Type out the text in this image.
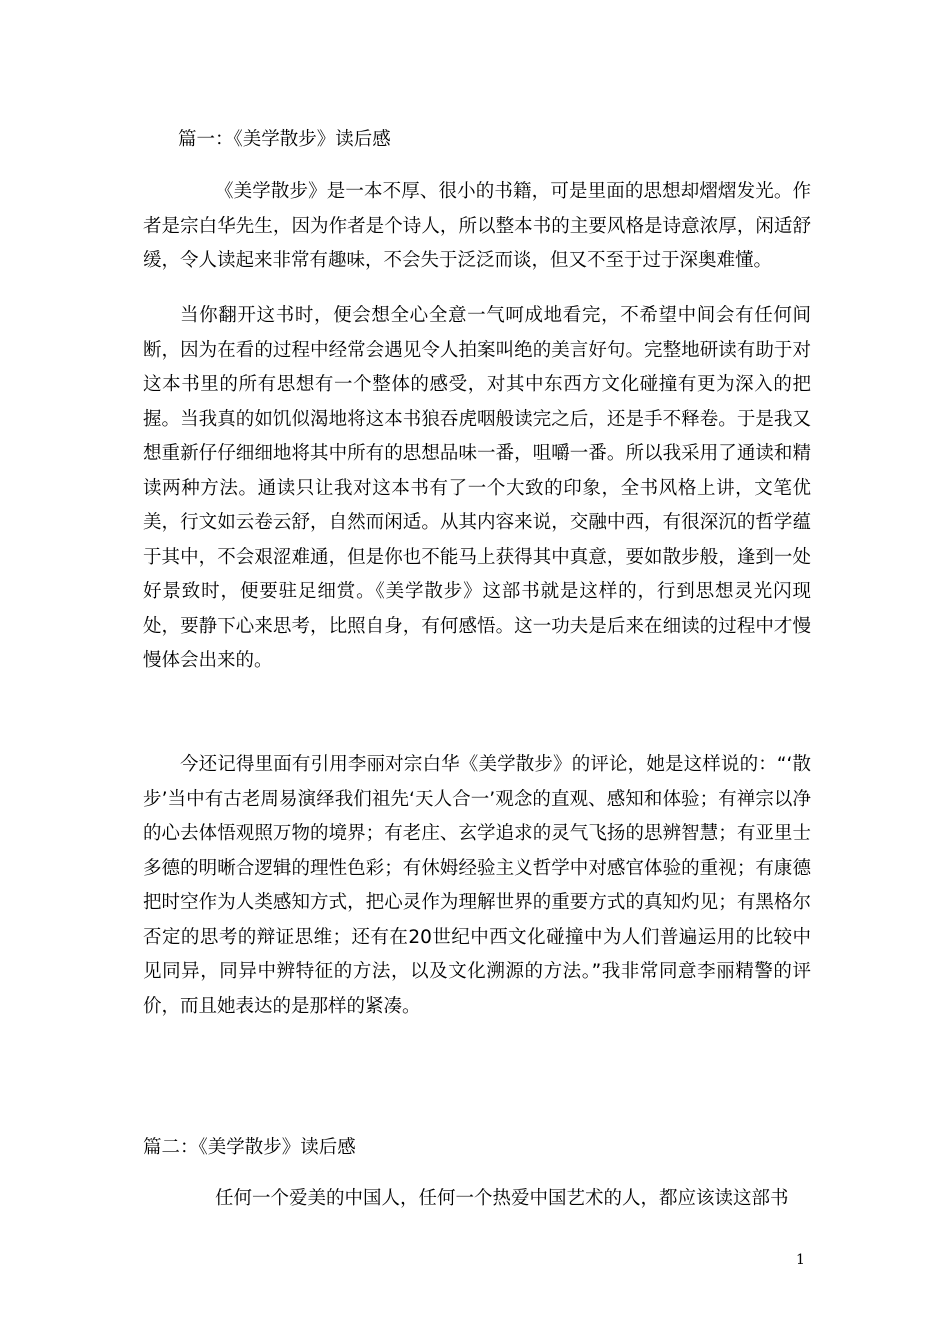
篇一：《美学散步》读后感

《美学散步》是一本不厚、很小的书籍，可是里面的思想却熠熠发光。作者是宗白华先生，因为作者是个诗人，所以整本书的主要风格是诗意浓厚，闲适舒缓，令人读起来非常有趣味，不会失于泛泛而谈，但又不至于过于深奥难懂。

当你翻开这书时，便会想全心全意一气呵成地看完，不希望中间会有任何间断，因为在看的过程中经常会遇见令人拍案叫绝的美言好句。完整地研读有助于对这本书里的所有思想有一个整体的感受，对其中东西方文化碰撞有更为深入的把握。当我真的如饥似渴地将这本书狼吞虎咽般读完之后，还是手不释卷。于是我又想重新仔仔细细地将其中所有的思想品味一番，咀嚼一番。所以我采用了通读和精读两种方法。通读只让我对这本书有了一个大致的印象，全书风格上讲，文笔优美，行文如云卷云舒，自然而闲适。从其内容来说，交融中西，有很深沉的哲学蕴于其中，不会艰涩难通，但是你也不能马上获得其中真意，要如散步般，逢到一处好景致时，便要驻足细赏。《美学散步》这部书就是这样的，行到思想灵光闪现处，要静下心来思考，比照自身，有何感悟。这一功夫是后来在细读的过程中才慢慢体会出来的。

今还记得里面有引用李丽对宗白华《美学散步》的评论，她是这样说的：“‘散步’当中有古老周易演绎我们祖先‘天人合一’观念的直观、感知和体验；有禅宗以净的心去体悟观照万物的境界；有老庄、玄学追求的灵气飞扬的思辨智慧；有亚里士多德的明晰合逻辑的理性色彩；有休姆经验主义哲学中对感官体验的重视；有康德把时空作为人类感知方式，把心灵作为理解世界的重要方式的真知灼见；有黑格尔否定的思考的辩证思维；还有在20世纪中西文化碰撞中为人们普遍运用的比较中见同异，同异中辨特征的方法，以及文化溯源的方法。”我非常同意李丽精警的评价，而且她表达的是那样的紧凑。

篇二：《美学散步》读后感

任何一个爱美的中国人，任何一个热爱中国艺术的人，都应该读这部书

1
